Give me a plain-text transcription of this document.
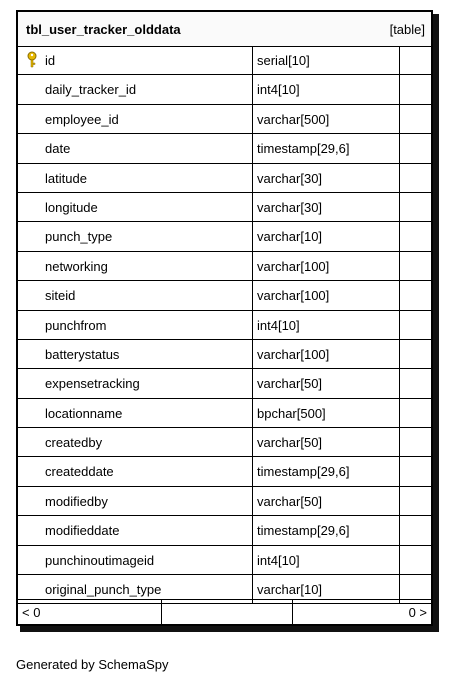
tbl_user_tracker_olddata	[table]
id	serial[10]
daily_tracker_id	int4[10]
employee_id	varchar[500]
date	timestamp[29,6]
latitude	varchar[30]
longitude	varchar[30]
punch_type	varchar[10]
networking	varchar[100]
siteid	varchar[100]
punchfrom	int4[10]
batterystatus	varchar[100]
expensetracking	varchar[50]
locationname	bpchar[500]
createdby	varchar[50]
createddate	timestamp[29,6]
modifiedby	varchar[50]
modifieddate	timestamp[29,6]
punchinoutimageid	int4[10]
original_punch_type	varchar[10]
< 0	0 >
Generated by SchemaSpy
